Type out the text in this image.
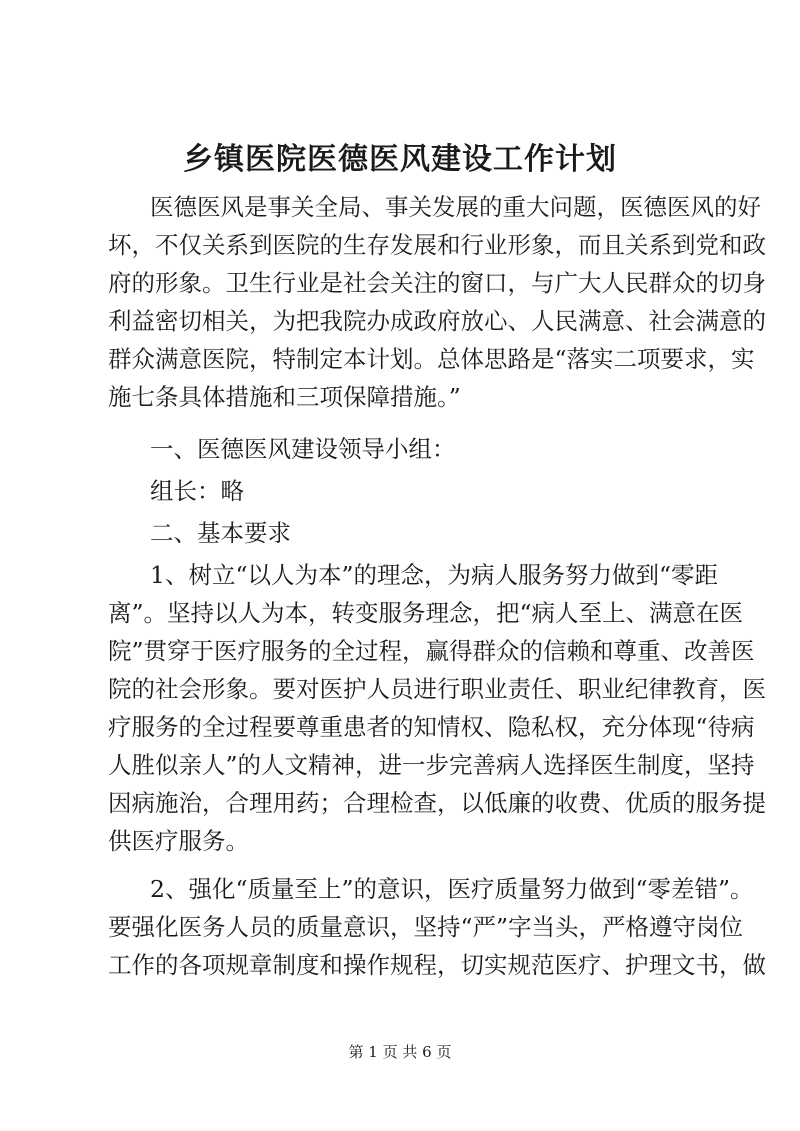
乡镇医院医德医风建设工作计划

医德医风是事关全局、事关发展的重大问题，医德医风的好

坏，不仅关系到医院的生存发展和行业形象，而且关系到党和政

府的形象。卫生行业是社会关注的窗口，与广大人民群众的切身

利益密切相关，为把我院办成政府放心、人民满意、社会满意的

群众满意医院，特制定本计划。总体思路是“落实二项要求，实

施七条具体措施和三项保障措施。”

一、医德医风建设领导小组：

组长：略

二、基本要求

1、树立“以人为本”的理念，为病人服务努力做到“零距

离”。坚持以人为本，转变服务理念，把“病人至上、满意在医

院”贯穿于医疗服务的全过程，赢得群众的信赖和尊重、改善医

院的社会形象。要对医护人员进行职业责任、职业纪律教育，医

疗服务的全过程要尊重患者的知情权、隐私权，充分体现“待病

人胜似亲人”的人文精神，进一步完善病人选择医生制度，坚持

因病施治，合理用药；合理检查，以低廉的收费、优质的服务提

供医疗服务。

2、强化“质量至上”的意识，医疗质量努力做到“零差错”。

要强化医务人员的质量意识，坚持“严”字当头，严格遵守岗位

工作的各项规章制度和操作规程，切实规范医疗、护理文书，做

第 1 页 共 6 页
